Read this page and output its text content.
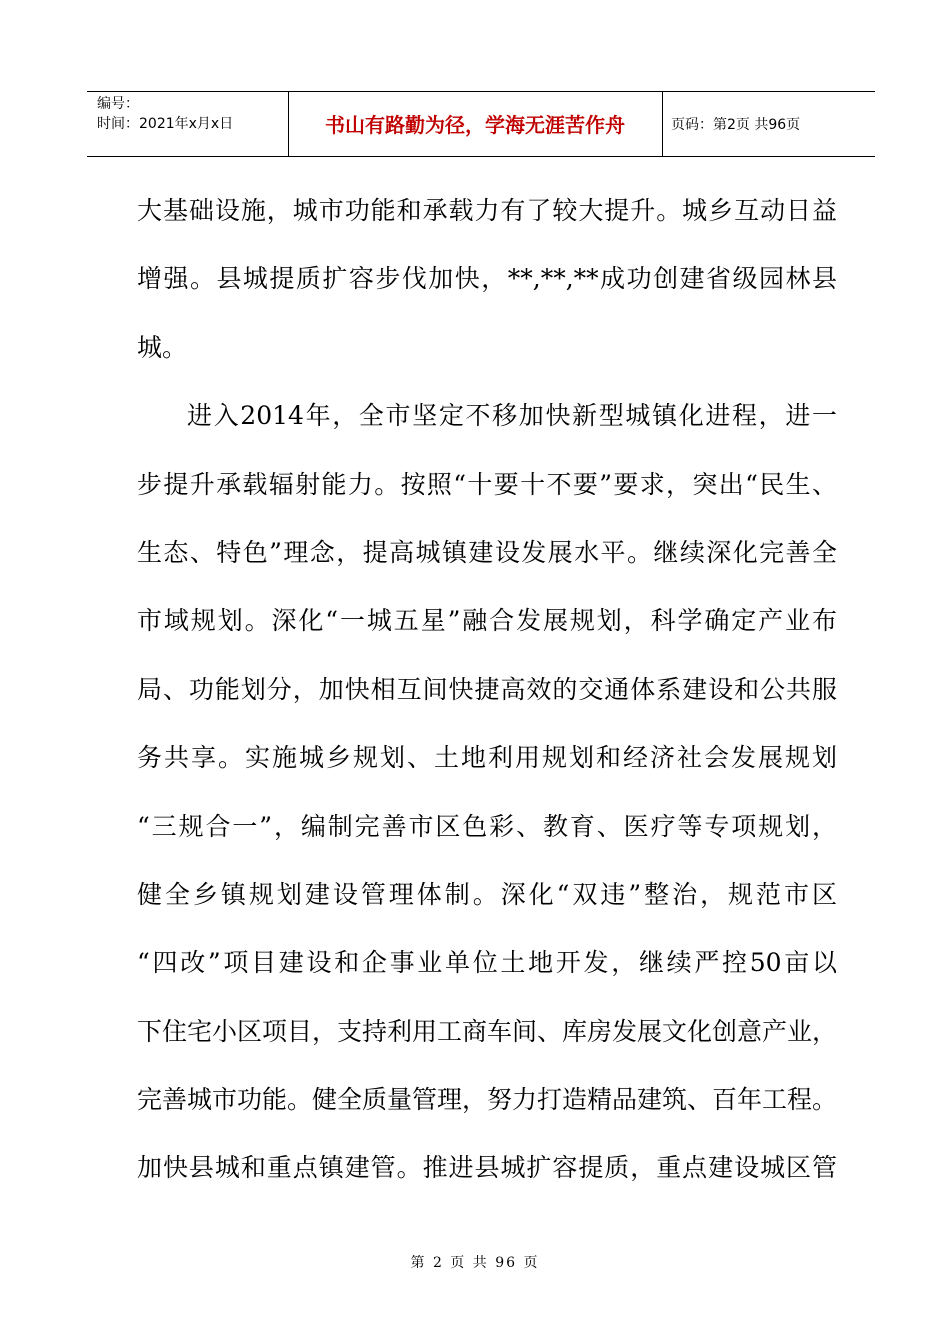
编号：
时间：2021年x月x日	书山有路勤为径，学海无涯苦作舟	页码：第2页 共96页
大基础设施，城市功能和承载力有了较大提升。城乡互动日益
增强。县城提质扩容步伐加快，**,**,**成功创建省级园林县
城。
进入2014年，全市坚定不移加快新型城镇化进程，进一
步提升承载辐射能力。按照“十要十不要”要求，突出“民生、
生态、特色”理念，提高城镇建设发展水平。继续深化完善全
市域规划。深化“一城五星”融合发展规划，科学确定产业布
局、功能划分，加快相互间快捷高效的交通体系建设和公共服
务共享。实施城乡规划、土地利用规划和经济社会发展规划
“三规合一”，编制完善市区色彩、教育、医疗等专项规划，
健全乡镇规划建设管理体制。深化“双违”整治，规范市区
“四改”项目建设和企事业单位土地开发，继续严控50亩以
下住宅小区项目，支持利用工商车间、库房发展文化创意产业，
完善城市功能。健全质量管理，努力打造精品建筑、百年工程。
加快县城和重点镇建管。推进县城扩容提质，重点建设城区管
第 2 页 共 96 页
